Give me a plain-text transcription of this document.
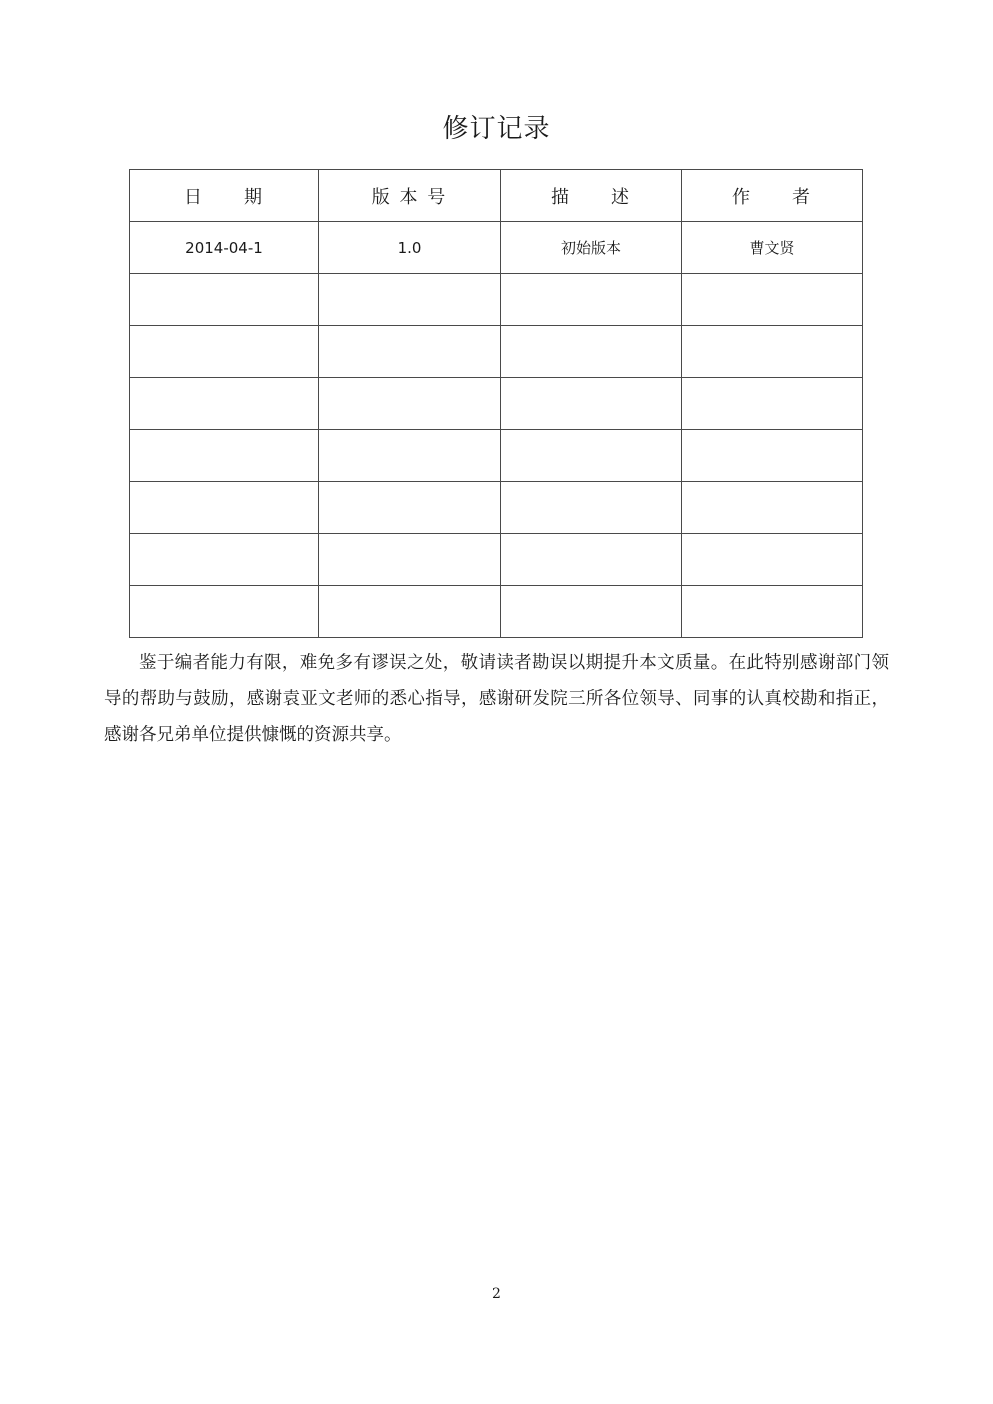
修订记录
日　　期	版 本 号	描　　述	作　　者
2014-04-1	1.0	初始版本	曹文贤

鉴于编者能力有限，难免多有谬误之处，敬请读者勘误以期提升本文质量。在此特别感谢部门领导的帮助与鼓励，感谢袁亚文老师的悉心指导，感谢研发院三所各位领导、同事的认真校勘和指正，感谢各兄弟单位提供慷慨的资源共享。

2
